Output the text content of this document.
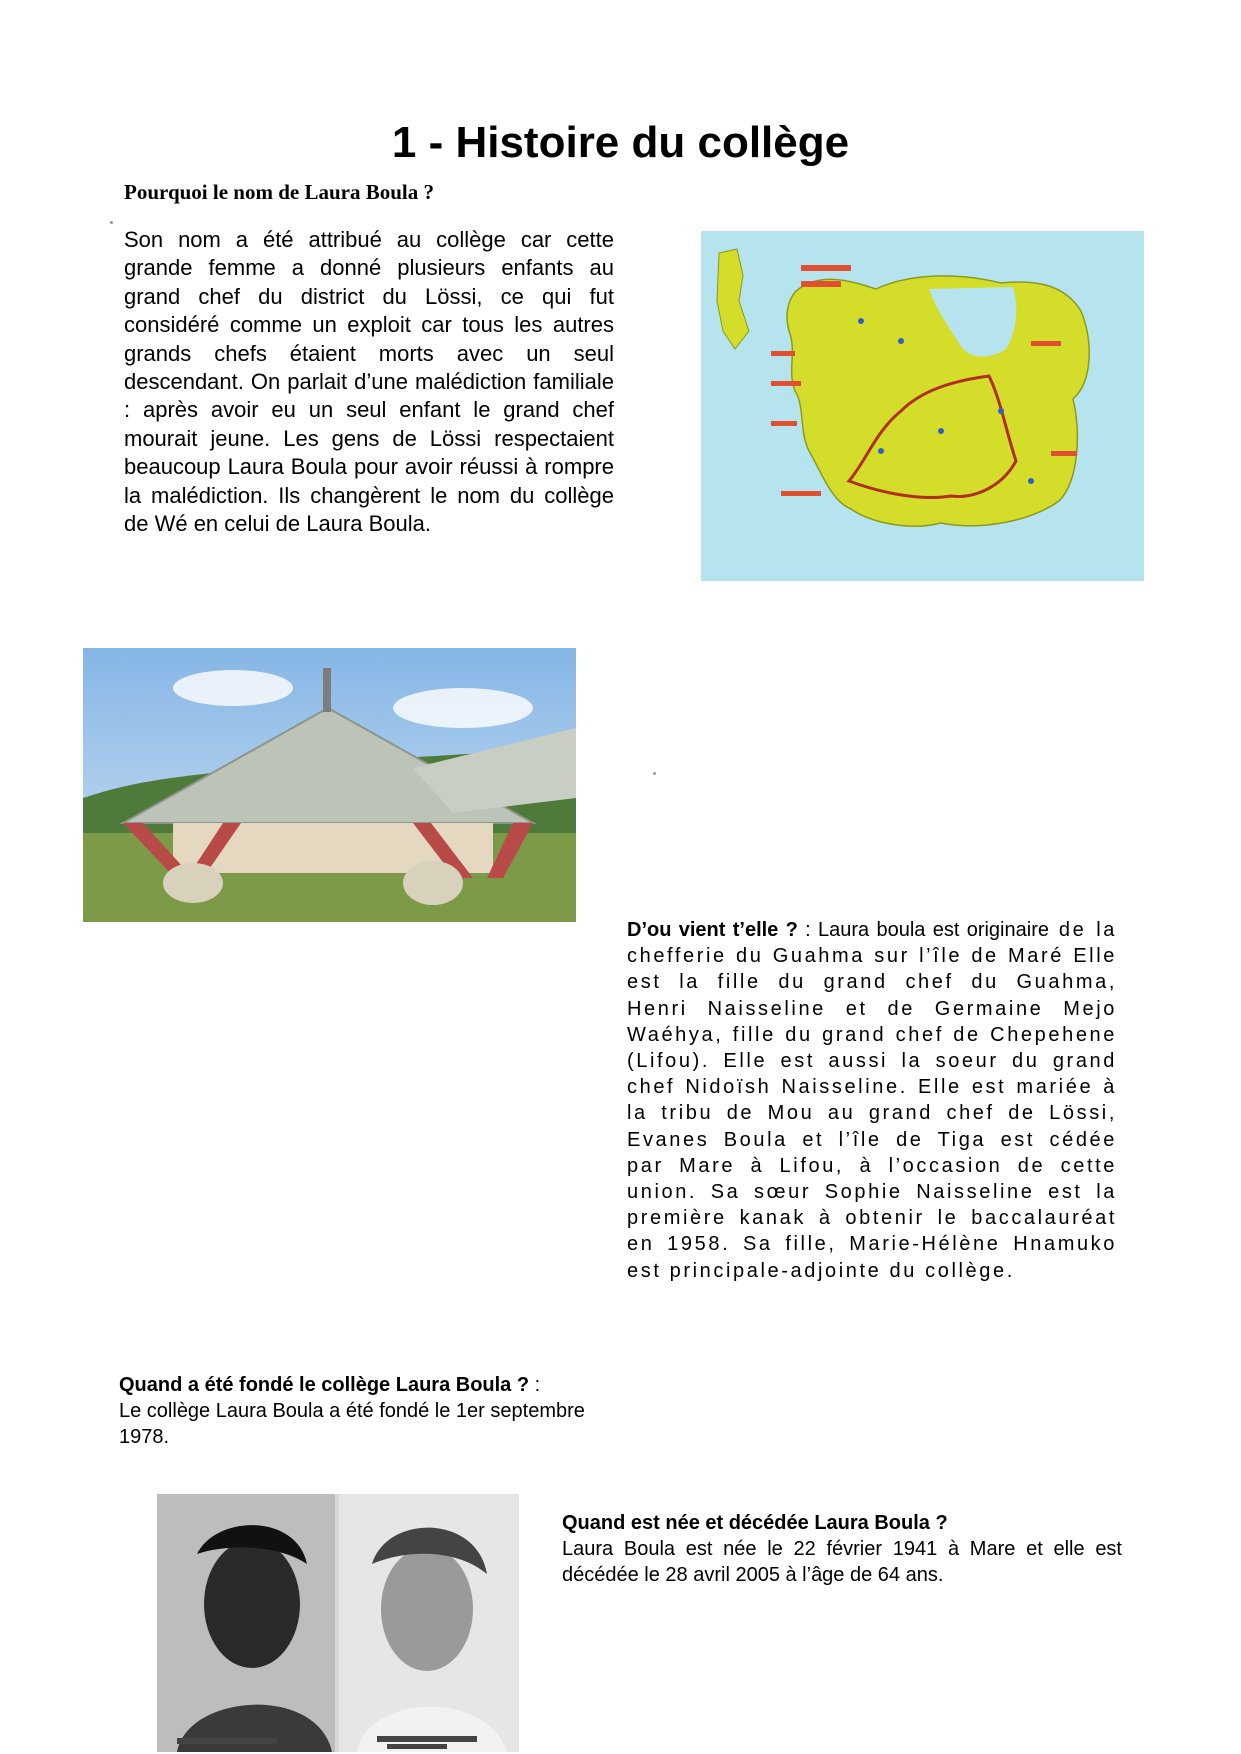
1 - Histoire du collège
Pourquoi le nom de Laura Boula ?
Son nom a été attribué au collège car cette grande femme a donné plusieurs enfants au grand chef du district du Lössi, ce qui fut considéré comme un exploit car tous les autres grands chefs étaient morts avec un seul descendant. On parlait d’une malédiction familiale : après avoir eu un seul enfant le grand chef mourait jeune. Les gens de Lössi respectaient beaucoup Laura Boula pour avoir réussi à rompre la malédiction. Ils changèrent le nom du collège de Wé en celui de Laura Boula.
D’ou vient t’elle ? : Laura boula est originaire de la chefferie du Guahma sur l’île de Maré Elle est la fille du grand chef du Guahma, Henri Naisseline et de Germaine Mejo Waéhya, fille du grand chef de Chepehene (Lifou). Elle est aussi la soeur du grand chef Nidoïsh Naisseline. Elle est mariée à la tribu de Mou au grand chef de Lössi, Evanes Boula et l’île de Tiga est cédée par Mare à Lifou, à l’occasion de cette union. Sa sœur Sophie Naisseline est la première kanak à obtenir le baccalauréat en 1958. Sa fille, Marie-Hélène Hnamuko est principale-adjointe du collège.
Quand a été fondé le collège Laura Boula ? :
Le collège Laura Boula a été fondé le 1er septembre 1978.
Quand est née et décédée Laura Boula ?
Laura Boula est née le 22 février 1941 à Mare et elle est décédée le 28 avril 2005 à l’âge de 64 ans.
